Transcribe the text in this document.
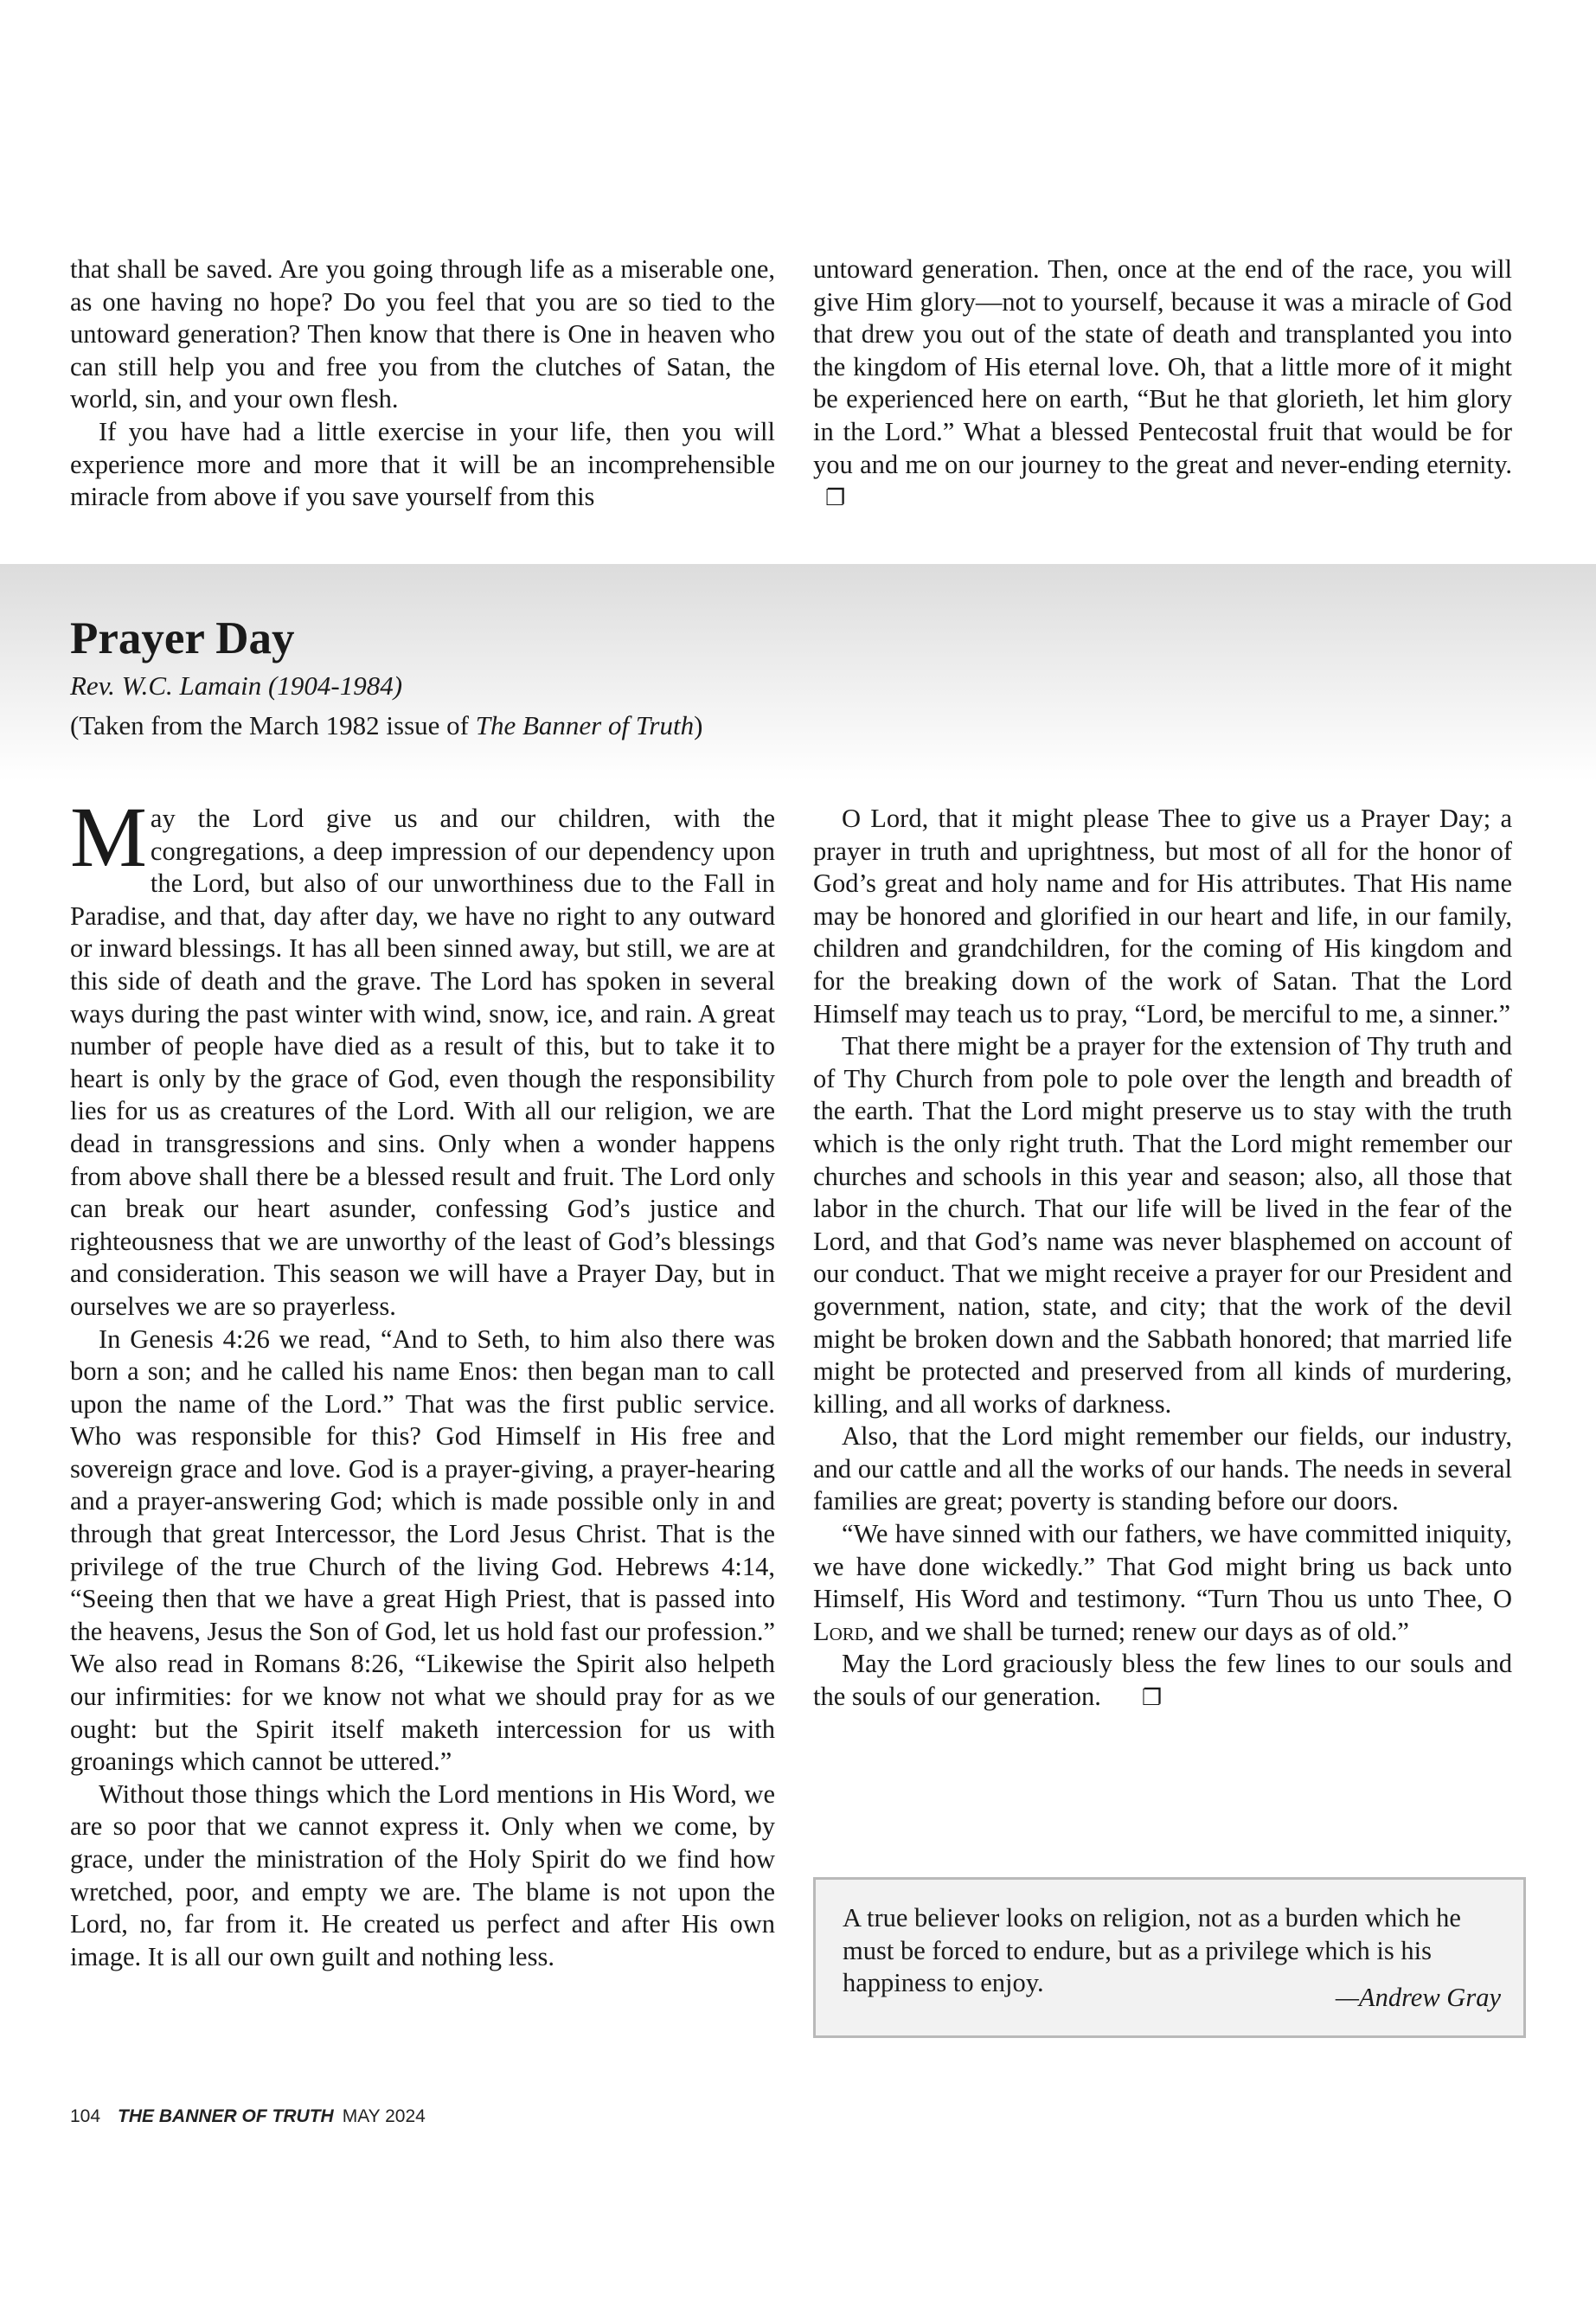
that shall be saved. Are you going through life as a miserable one, as one having no hope? Do you feel that you are so tied to the untoward generation? Then know that there is One in heaven who can still help you and free you from the clutches of Satan, the world, sin, and your own flesh.

If you have had a little exercise in your life, then you will experience more and more that it will be an incomprehensible miracle from above if you save yourself from this

untoward generation. Then, once at the end of the race, you will give Him glory—not to yourself, because it was a miracle of God that drew you out of the state of death and transplanted you into the kingdom of His eternal love. Oh, that a little more of it might be experienced here on earth, “But he that glorieth, let him glory in the Lord.” What a blessed Pentecostal fruit that would be for you and me on our journey to the great and never-ending eternity.❐

Prayer Day
Rev. W.C. Lamain (1904-1984)
(Taken from the March 1982 issue of The Banner of Truth)

May the Lord give us and our children, with the congregations, a deep impression of our dependency upon the Lord, but also of our unworthiness due to the Fall in Paradise, and that, day after day, we have no right to any outward or inward blessings. It has all been sinned away, but still, we are at this side of death and the grave. The Lord has spoken in several ways during the past winter with wind, snow, ice, and rain. A great number of people have died as a result of this, but to take it to heart is only by the grace of God, even though the responsibility lies for us as creatures of the Lord. With all our religion, we are dead in transgressions and sins. Only when a wonder happens from above shall there be a blessed result and fruit. The Lord only can break our heart asunder, confessing God’s justice and righteousness that we are unworthy of the least of God’s blessings and consideration. This season we will have a Prayer Day, but in ourselves we are so prayerless.

In Genesis 4:26 we read, “And to Seth, to him also there was born a son; and he called his name Enos: then began man to call upon the name of the Lord.” That was the first public service. Who was responsible for this? God Himself in His free and sovereign grace and love. God is a prayer-giving, a prayer-hearing and a prayer-answering God; which is made possible only in and through that great Intercessor, the Lord Jesus Christ. That is the privilege of the true Church of the living God. Hebrews 4:14, “Seeing then that we have a great High Priest, that is passed into the heavens, Jesus the Son of God, let us hold fast our profession.” We also read in Romans 8:26, “Likewise the Spirit also helpeth our infirmities: for we know not what we should pray for as we ought: but the Spirit itself maketh intercession for us with groanings which cannot be uttered.”

Without those things which the Lord mentions in His Word, we are so poor that we cannot express it. Only when we come, by grace, under the ministration of the Holy Spirit do we find how wretched, poor, and empty we are. The blame is not upon the Lord, no, far from it. He created us perfect and after His own image. It is all our own guilt and nothing less.

O Lord, that it might please Thee to give us a Prayer Day; a prayer in truth and uprightness, but most of all for the honor of God’s great and holy name and for His attributes. That His name may be honored and glorified in our heart and life, in our family, children and grandchildren, for the coming of His kingdom and for the breaking down of the work of Satan. That the Lord Himself may teach us to pray, “Lord, be merciful to me, a sinner.”

That there might be a prayer for the extension of Thy truth and of Thy Church from pole to pole over the length and breadth of the earth. That the Lord might preserve us to stay with the truth which is the only right truth. That the Lord might remember our churches and schools in this year and season; also, all those that labor in the church. That our life will be lived in the fear of the Lord, and that God’s name was never blasphemed on account of our conduct. That we might receive a prayer for our President and government, nation, state, and city; that the work of the devil might be broken down and the Sabbath honored; that married life might be protected and preserved from all kinds of murdering, killing, and all works of darkness.

Also, that the Lord might remember our fields, our industry, and our cattle and all the works of our hands. The needs in several families are great; poverty is standing before our doors.

“We have sinned with our fathers, we have committed iniquity, we have done wickedly.” That God might bring us back unto Himself, His Word and testimony. “Turn Thou us unto Thee, O Lord, and we shall be turned; renew our days as of old.”

May the Lord graciously bless the few lines to our souls and the souls of our generation. ❐

A true believer looks on religion, not as a burden which he must be forced to endure, but as a privilege which is his happiness to enjoy.	—Andrew Gray
104 THE BANNER OF TRUTH MAY 2024
